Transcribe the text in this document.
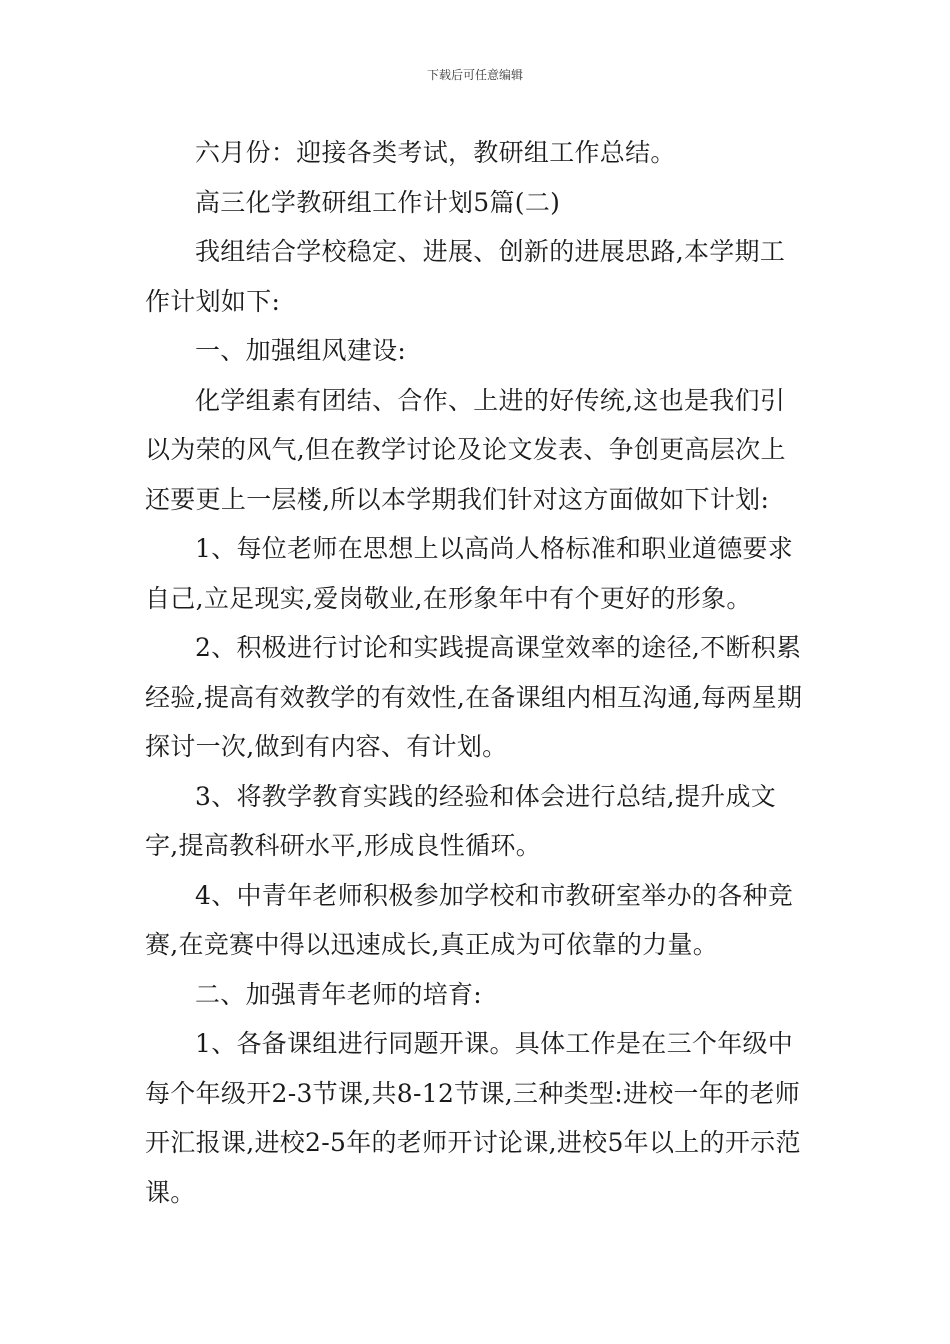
下载后可任意编辑

六月份：迎接各类考试，教研组工作总结。

高三化学教研组工作计划5篇(二)

我组结合学校稳定、进展、创新的进展思路,本学期工作计划如下:

一、加强组风建设:

化学组素有团结、合作、上进的好传统,这也是我们引以为荣的风气,但在教学讨论及论文发表、争创更高层次上还要更上一层楼,所以本学期我们针对这方面做如下计划:

1、每位老师在思想上以高尚人格标准和职业道德要求自己,立足现实,爱岗敬业,在形象年中有个更好的形象。

2、积极进行讨论和实践提高课堂效率的途径,不断积累经验,提高有效教学的有效性,在备课组内相互沟通,每两星期探讨一次,做到有内容、有计划。

3、将教学教育实践的经验和体会进行总结,提升成文字,提高教科研水平,形成良性循环。

4、中青年老师积极参加学校和市教研室举办的各种竞赛,在竞赛中得以迅速成长,真正成为可依靠的力量。

二、加强青年老师的培育:

1、各备课组进行同题开课。具体工作是在三个年级中每个年级开2-3节课,共8-12节课,三种类型:进校一年的老师开汇报课,进校2-5年的老师开讨论课,进校5年以上的开示范课。
